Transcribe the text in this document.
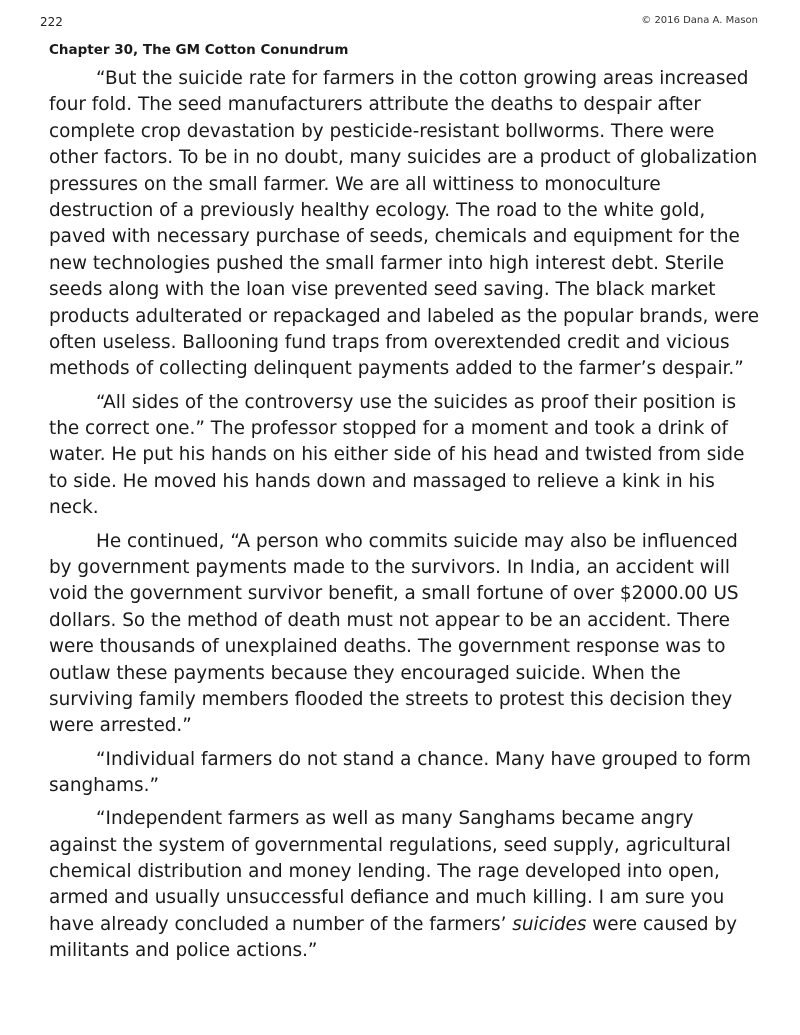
222	© 2016 Dana A. Mason
Chapter 30, The GM Cotton Conundrum

“But the suicide rate for farmers in the cotton growing areas increased four fold. The seed manufacturers attribute the deaths to despair after complete crop devastation by pesticide-resistant bollworms. There were other factors. To be in no doubt, many suicides are a product of globalization pressures on the small farmer. We are all wittiness to monoculture destruction of a previously healthy ecology. The road to the white gold, paved with necessary purchase of seeds, chemicals and equipment for the new technologies pushed the small farmer into high interest debt. Sterile seeds along with the loan vise prevented seed saving. The black market products adulterated or repackaged and labeled as the popular brands, were often useless. Ballooning fund traps from overextended credit and vicious methods of collecting delinquent payments added to the farmer’s despair.”

“All sides of the controversy use the suicides as proof their position is the correct one.” The professor stopped for a moment and took a drink of water. He put his hands on his either side of his head and twisted from side to side. He moved his hands down and massaged to relieve a kink in his neck.

He continued, “A person who commits suicide may also be influenced by government payments made to the survivors. In India, an accident will void the government survivor benefit, a small fortune of over $2000.00 US dollars. So the method of death must not appear to be an accident. There were thousands of unexplained deaths. The government response was to outlaw these payments because they encouraged suicide. When the surviving family members flooded the streets to protest this decision they were arrested.”

“Individual farmers do not stand a chance. Many have grouped to form sanghams.”

“Independent farmers as well as many Sanghams became angry against the system of governmental regulations, seed supply, agricultural chemical distribution and money lending. The rage developed into open, armed and usually unsuccessful defiance and much killing. I am sure you have already concluded a number of the farmers’ suicides were caused by militants and police actions.”
